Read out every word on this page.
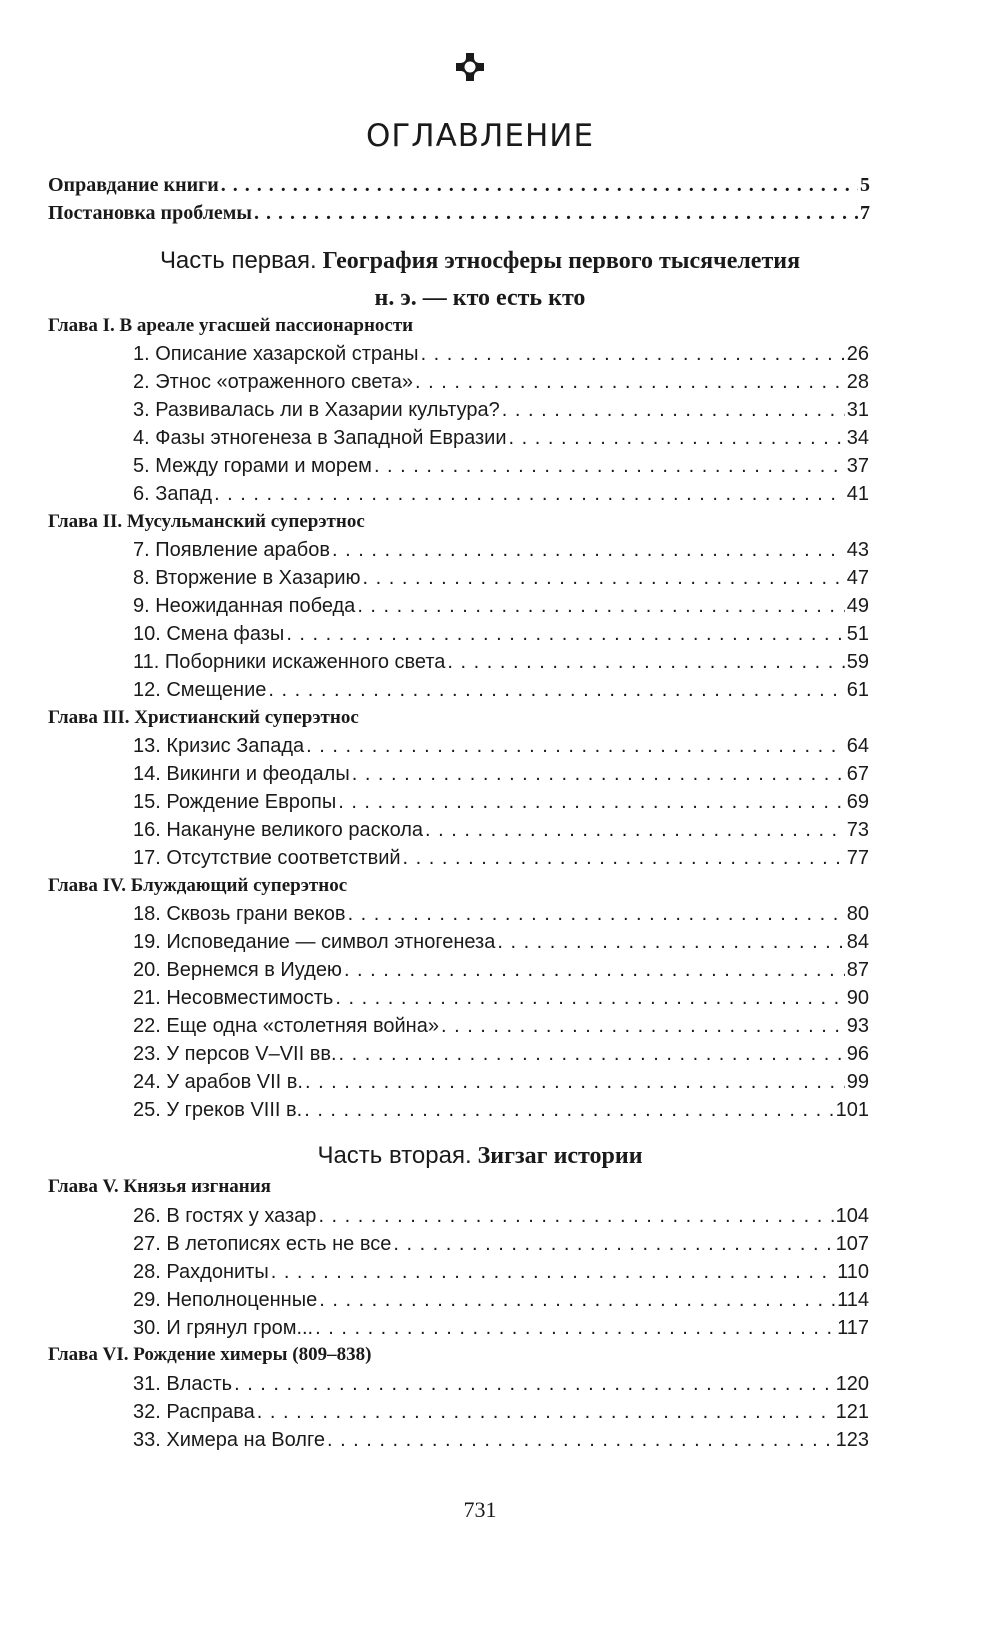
ОГЛАВЛЕНИЕ
Оправдание книги . . .	5
Постановка проблемы . . .	7
Часть первая. География этносферы первого тысячелетия
н. э. — кто есть кто
Глава I. В ареале угасшей пассионарности
1. Описание хазарской страны . . .	26
2. Этнос «отраженного света» . . .	28
3. Развивалась ли в Хазарии культура? . . .	31
4. Фазы этногенеза в Западной Евразии . . .	34
5. Между горами и морем . . .	37
6. Запад . . .	41
Глава II. Мусульманский суперэтнос
7. Появление арабов . . .	43
8. Вторжение в Хазарию . . .	47
9. Неожиданная победа . . .	49
10. Смена фазы . . .	51
11. Поборники искаженного света . . .	59
12. Смещение . . .	61
Глава III. Христианский суперэтнос
13. Кризис Запада . . .	64
14. Викинги и феодалы . . .	67
15. Рождение Европы . . .	69
16. Накануне великого раскола . . .	73
17. Отсутствие соответствий . . .	77
Глава IV. Блуждающий суперэтнос
18. Сквозь грани веков . . .	80
19. Исповедание — символ этногенеза . . .	84
20. Вернемся в Иудею . . .	87
21. Несовместимость . . .	90
22. Еще одна «столетняя война» . . .	93
23. У персов V–VII вв. . . .	96
24. У арабов VII в. . . .	99
25. У греков VIII в. . . .	101
Часть вторая. Зигзаг истории
Глава V. Князья изгнания
26. В гостях у хазар . . .	104
27. В летописях есть не все . . .	107
28. Рахдониты . . .	110
29. Неполноценные . . .	114
30. И грянул гром... . . .	117
Глава VI. Рождение химеры (809–838)
31. Власть . . .	120
32. Расправа . . .	121
33. Химера на Волге . . .	123
731
